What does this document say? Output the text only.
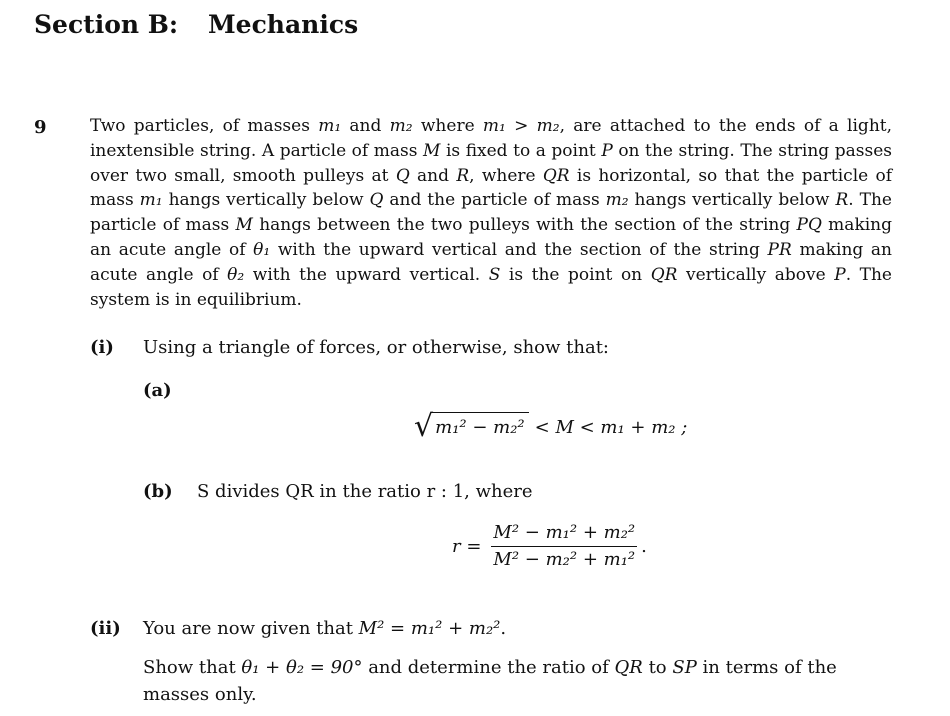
Section B: Mechanics
9	Two particles, of masses m₁ and m₂ where m₁ > m₂, are attached to the ends of a light, inextensible string. A particle of mass M is fixed to a point P on the string. The string passes over two small, smooth pulleys at Q and R, where QR is horizontal, so that the particle of mass m₁ hangs vertically below Q and the particle of mass m₂ hangs vertically below R. The particle of mass M hangs between the two pulleys with the section of the string PQ making an acute angle of θ₁ with the upward vertical and the section of the string PR making an acute angle of θ₂ with the upward vertical. S is the point on QR vertically above P. The system is in equilibrium.
(i) Using a triangle of forces, or otherwise, show that:
(a)
√ m₁² − m₂² < M < m₁ + m₂ ;
(b) S divides QR in the ratio r : 1, where
$r = \frac{\text{M² − m₁² + m₂²}}{\text{M² − m₂² + m₁²}}$ .
(ii) You are now given that M² = m₁² + m₂².
Show that θ₁ + θ₂ = 90° and determine the ratio of QR to SP in terms of the masses only.
